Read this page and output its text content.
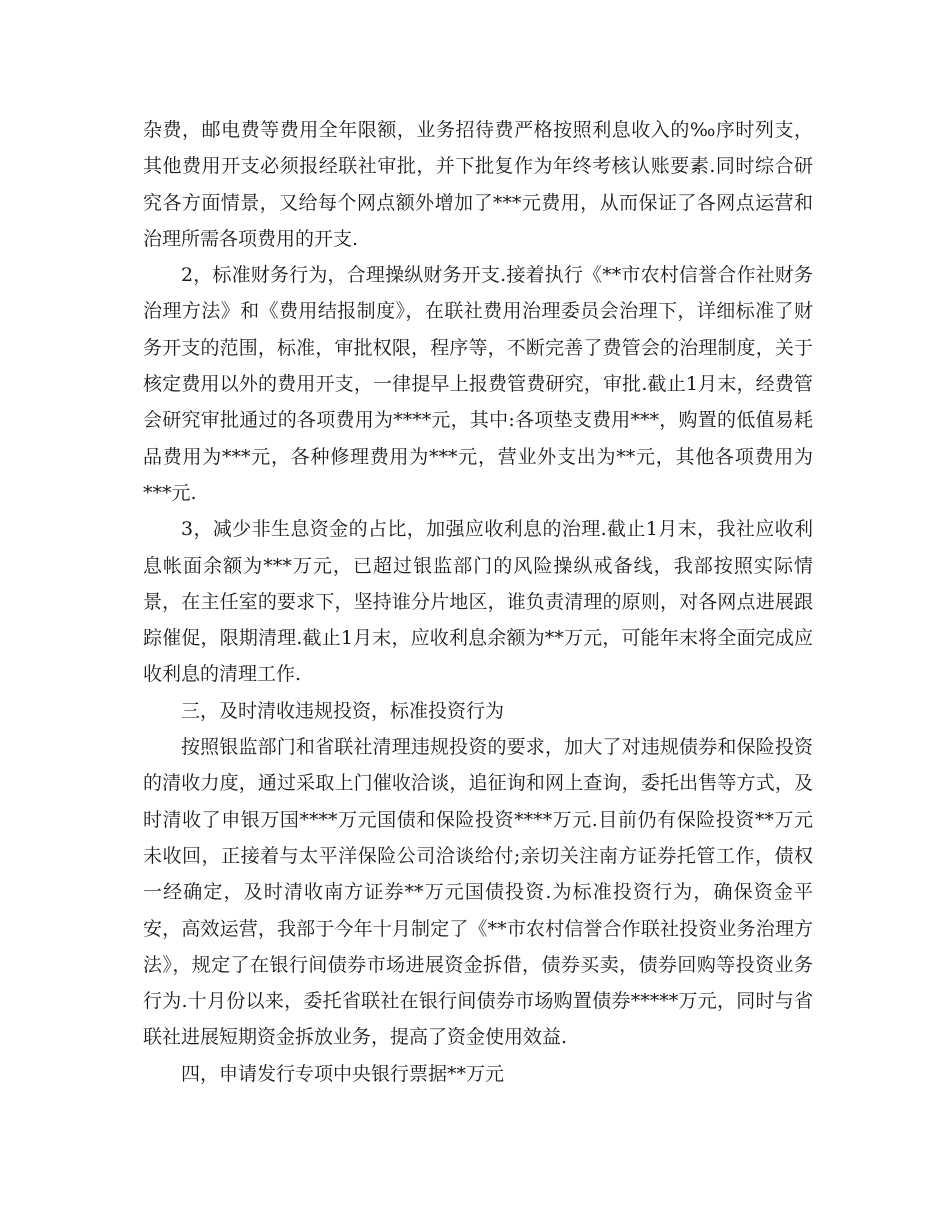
杂费，邮电费等费用全年限额，业务招待费严格按照利息收入的‰序时列支，其他费用开支必须报经联社审批，并下批复作为年终考核认账要素.同时综合研究各方面情景，又给每个网点额外增加了***元费用，从而保证了各网点运营和治理所需各项费用的开支.

2，标准财务行为，合理操纵财务开支.接着执行《**市农村信誉合作社财务治理方法》和《费用结报制度》，在联社费用治理委员会治理下，详细标准了财务开支的范围，标准，审批权限，程序等，不断完善了费管会的治理制度，关于核定费用以外的费用开支，一律提早上报费管费研究，审批.截止1月末，经费管会研究审批通过的各项费用为****元，其中:各项垫支费用***，购置的低值易耗品费用为***元，各种修理费用为***元，营业外支出为**元，其他各项费用为***元.

3，减少非生息资金的占比，加强应收利息的治理.截止1月末，我社应收利息帐面余额为***万元，已超过银监部门的风险操纵戒备线，我部按照实际情景，在主任室的要求下，坚持谁分片地区，谁负责清理的原则，对各网点进展跟踪催促，限期清理.截止1月末，应收利息余额为**万元，可能年末将全面完成应收利息的清理工作.

三，及时清收违规投资，标准投资行为

按照银监部门和省联社清理违规投资的要求，加大了对违规债券和保险投资的清收力度，通过采取上门催收洽谈，追征询和网上查询，委托出售等方式，及时清收了申银万国****万元国债和保险投资****万元.目前仍有保险投资**万元未收回，正接着与太平洋保险公司洽谈给付;亲切关注南方证券托管工作，债权一经确定，及时清收南方证券**万元国债投资.为标准投资行为，确保资金平安，高效运营，我部于今年十月制定了《**市农村信誉合作联社投资业务治理方法》，规定了在银行间债券市场进展资金拆借，债券买卖，债券回购等投资业务行为.十月份以来，委托省联社在银行间债券市场购置债券*****万元，同时与省联社进展短期资金拆放业务，提高了资金使用效益.

四，申请发行专项中央银行票据**万元
